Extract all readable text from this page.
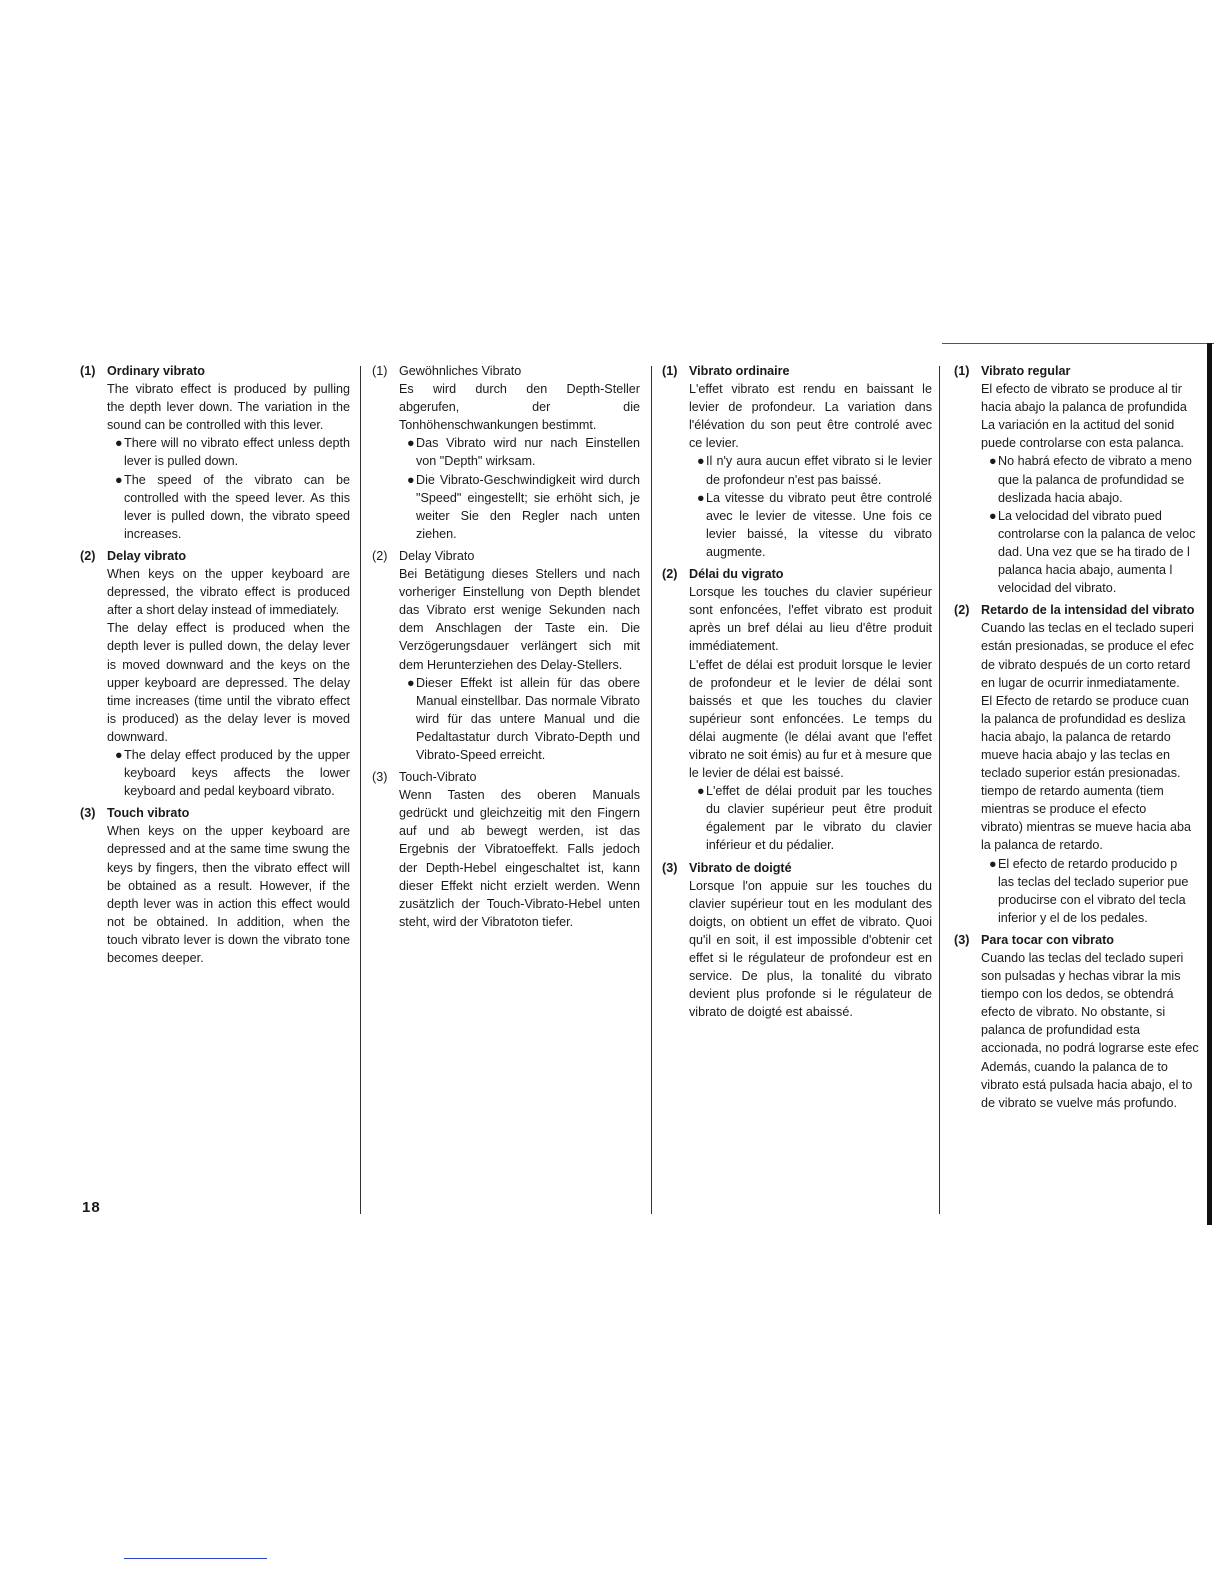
(1) Ordinary vibrato

The vibrato effect is produced by pulling the depth lever down. The variation in the sound can be controlled with this lever.

● There will no vibrato effect unless depth lever is pulled down.
● The speed of the vibrato can be controlled with the speed lever. As this lever is pulled down, the vibrato speed increases.
(2) Delay vibrato

When keys on the upper keyboard are depressed, the vibrato effect is produced after a short delay instead of immediately.

The delay effect is produced when the depth lever is pulled down, the delay lever is moved downward and the keys on the upper keyboard are depressed. The delay time increases (time until the vibrato effect is produced) as the delay lever is moved downward.

● The delay effect produced by the upper keyboard keys affects the lower keyboard and pedal keyboard vibrato.
(3) Touch vibrato

When keys on the upper keyboard are depressed and at the same time swung the keys by fingers, then the vibrato effect will be obtained as a result. However, if the depth lever was in action this effect would not be obtained. In addition, when the touch vibrato lever is down the vibrato tone becomes deeper.

(1) Gewöhnliches Vibrato

Es wird durch den Depth-Steller abgerufen, der die Tonhöhenschwankungen bestimmt.

● Das Vibrato wird nur nach Einstellen von "Depth" wirksam.
● Die Vibrato-Geschwindigkeit wird durch "Speed" eingestellt; sie erhöht sich, je weiter Sie den Regler nach unten ziehen.
(2) Delay Vibrato

Bei Betätigung dieses Stellers und nach vorheriger Einstellung von Depth blendet das Vibrato erst wenige Sekunden nach dem Anschlagen der Taste ein. Die Verzögerungsdauer verlängert sich mit dem Herunterziehen des Delay-Stellers.

● Dieser Effekt ist allein für das obere Manual einstellbar. Das normale Vibrato wird für das untere Manual und die Pedaltastatur durch Vibrato-Depth und Vibrato-Speed erreicht.
(3) Touch-Vibrato

Wenn Tasten des oberen Manuals gedrückt und gleichzeitig mit den Fingern auf und ab bewegt werden, ist das Ergebnis der Vibratoeffekt. Falls jedoch der Depth-Hebel eingeschaltet ist, kann dieser Effekt nicht erzielt werden. Wenn zusätzlich der Touch-Vibrato-Hebel unten steht, wird der Vibratoton tiefer.

(1) Vibrato ordinaire

L'effet vibrato est rendu en baissant le levier de profondeur. La variation dans l'élévation du son peut être controlé avec ce levier.

● Il n'y aura aucun effet vibrato si le levier de profondeur n'est pas baissé.
● La vitesse du vibrato peut être controlé avec le levier de vitesse. Une fois ce levier baissé, la vitesse du vibrato augmente.
(2) Délai du vigrato

Lorsque les touches du clavier supérieur sont enfoncées, l'effet vibrato est produit après un bref délai au lieu d'être produit immédiatement.

L'effet de délai est produit lorsque le levier de profondeur et le levier de délai sont baissés et que les touches du clavier supérieur sont enfoncées. Le temps du délai augmente (le délai avant que l'effet vibrato ne soit émis) au fur et à mesure que le levier de délai est baissé.

● L'effet de délai produit par les touches du clavier supérieur peut être produit également par le vibrato du clavier inférieur et du pédalier.
(3) Vibrato de doigté

Lorsque l'on appuie sur les touches du clavier supérieur tout en les modulant des doigts, on obtient un effet de vibrato. Quoi qu'il en soit, il est impossible d'obtenir cet effet si le régulateur de profondeur est en service. De plus, la tonalité du vibrato devient plus profonde si le régulateur de vibrato de doigté est abaissé.

(1) Vibrato regular
El efecto de vibrato se produce al tir
hacia abajo la palanca de profundida
La variación en la actitud del sonid
puede controlarse con esta palanca.
● No habrá efecto de vibrato a meno
que la palanca de profundidad se
deslizada hacia abajo.
● La velocidad del vibrato pued
controlarse con la palanca de veloc
dad. Una vez que se ha tirado de l
palanca hacia abajo, aumenta l
velocidad del vibrato.
(2) Retardo de la intensidad del vibrato
Cuando las teclas en el teclado superi
están presionadas, se produce el efec
de vibrato después de un corto retard
en lugar de ocurrir inmediatamente.
El Efecto de retardo se produce cuan
la palanca de profundidad es desliza
hacia abajo, la palanca de retardo
mueve hacia abajo y las teclas en
teclado superior están presionadas.
tiempo de retardo aumenta (tiem
mientras se produce el efecto
vibrato) mientras se mueve hacia aba
la palanca de retardo.
● El efecto de retardo producido p
las teclas del teclado superior pue
producirse con el vibrato del tecla
inferior y el de los pedales.
(3) Para tocar con vibrato
Cuando las teclas del teclado superi
son pulsadas y hechas vibrar la mis
tiempo con los dedos, se obtendrá
efecto de vibrato. No obstante, si
palanca de profundidad esta
accionada, no podrá lograrse este efec
Además, cuando la palanca de to
vibrato está pulsada hacia abajo, el to
de vibrato se vuelve más profundo.
18
